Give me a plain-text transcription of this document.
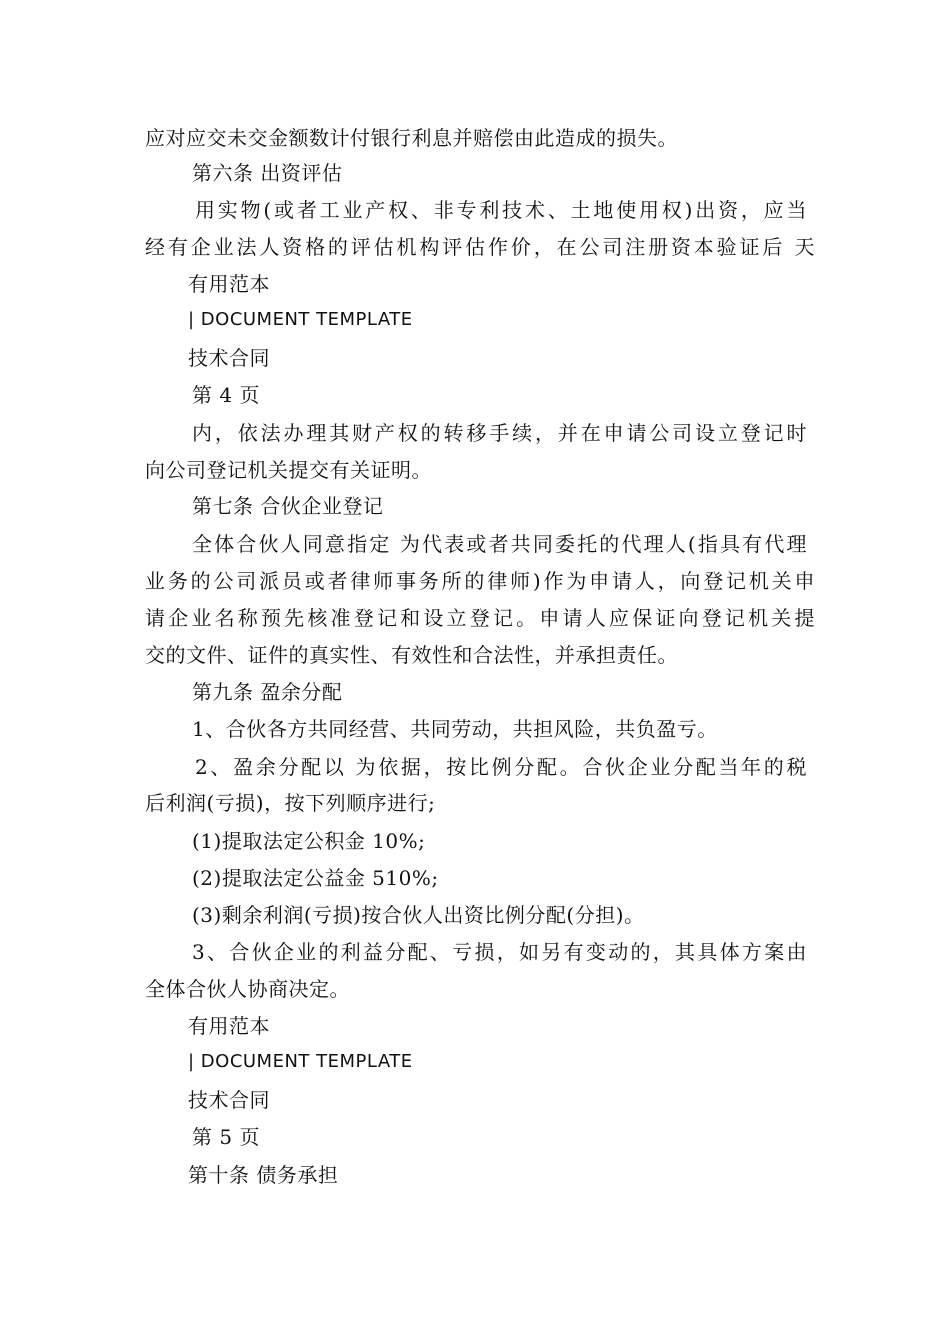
应对应交未交金额数计付银行利息并赔偿由此造成的损失。
第六条 出资评估
用实物(或者工业产权、非专利技术、土地使用权)出资，应当
经有企业法人资格的评估机构评估作价，在公司注册资本验证后 天
有用范本
| DOCUMENT TEMPLATE
技术合同
第 4 页
内，依法办理其财产权的转移手续，并在申请公司设立登记时
向公司登记机关提交有关证明。
第七条 合伙企业登记
全体合伙人同意指定 为代表或者共同委托的代理人(指具有代理
业务的公司派员或者律师事务所的律师)作为申请人，向登记机关申
请企业名称预先核准登记和设立登记。申请人应保证向登记机关提
交的文件、证件的真实性、有效性和合法性，并承担责任。
第九条 盈余分配
1、合伙各方共同经营、共同劳动，共担风险，共负盈亏。
2、盈余分配以 为依据，按比例分配。合伙企业分配当年的税
后利润(亏损)，按下列顺序进行;
(1)提取法定公积金 10%;
(2)提取法定公益金 510%;
(3)剩余利润(亏损)按合伙人出资比例分配(分担)。
3、合伙企业的利益分配、亏损，如另有变动的，其具体方案由
全体合伙人协商决定。
有用范本
| DOCUMENT TEMPLATE
技术合同
第 5 页
第十条 债务承担
